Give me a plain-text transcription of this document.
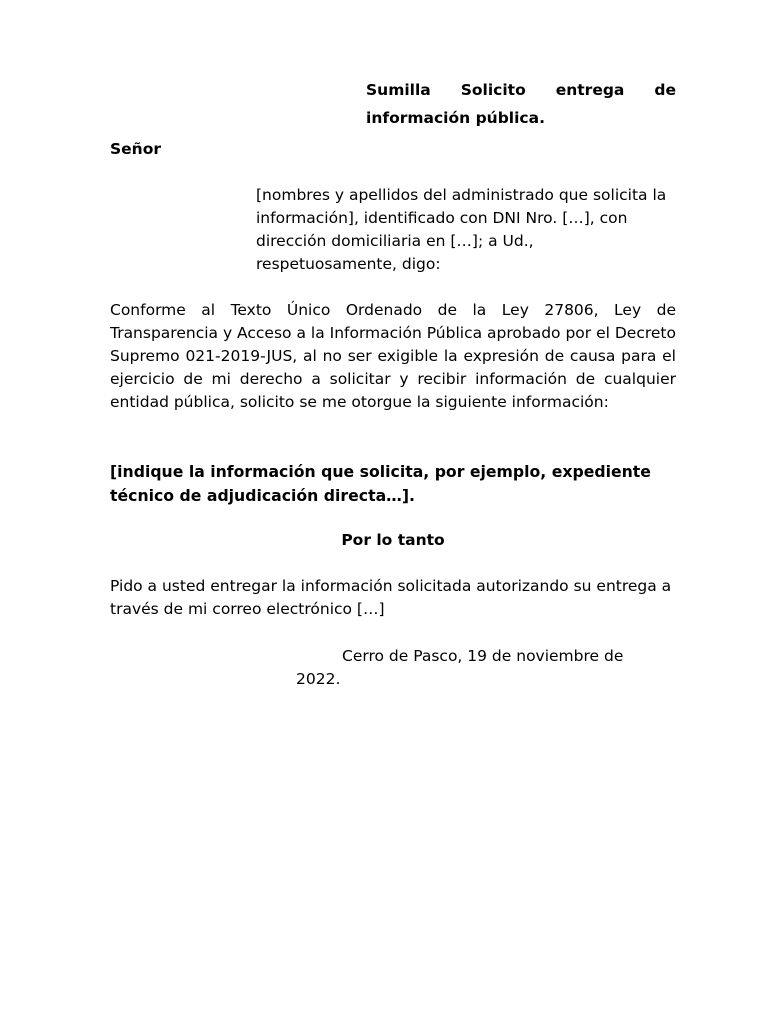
Sumilla Solicito entrega de
información pública.

Señor

[nombres y apellidos del administrado que solicita la información], identificado con DNI Nro. […], con dirección domiciliaria en […]; a Ud., respetuosamente, digo:

Conforme al Texto Único Ordenado de la Ley 27806, Ley de Transparencia y Acceso a la Información Pública aprobado por el Decreto Supremo 021-2019-JUS, al no ser exigible la expresión de causa para el ejercicio de mi derecho a solicitar y recibir información de cualquier entidad pública, solicito se me otorgue la siguiente información:

[indique la información que solicita, por ejemplo, expediente técnico de adjudicación directa…].

Por lo tanto

Pido a usted entregar la información solicitada autorizando su entrega a través de mi correo electrónico […]

Cerro de Pasco, 19 de noviembre de
2022.
